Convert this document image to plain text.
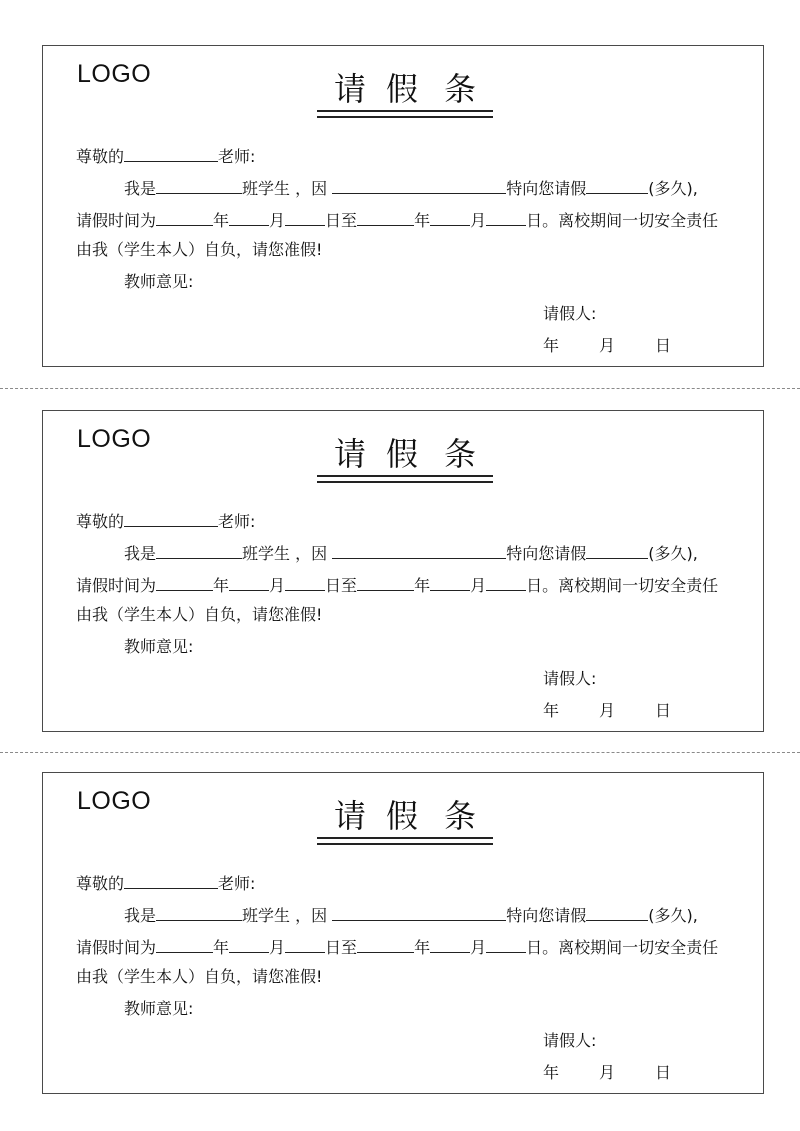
LOGO	请 假 条
尊敬的	老师:
我是	班学生 ，因	特向您请假	(多久),
请假时间为	年	月	日至	年	月	日。离校期间一切安全责任
由我（学生本人）自负，请您准假!
教师意见:
请假人:
年	月	日
LOGO	请 假 条
尊敬的	老师:
我是	班学生 ，因	特向您请假	(多久),
请假时间为	年	月	日至	年	月	日。离校期间一切安全责任
由我（学生本人）自负，请您准假!
教师意见:
请假人:
年	月	日
LOGO	请 假 条
尊敬的	老师:
我是	班学生 ，因	特向您请假	(多久),
请假时间为	年	月	日至	年	月	日。离校期间一切安全责任
由我（学生本人）自负，请您准假!
教师意见:
请假人:
年	月	日
